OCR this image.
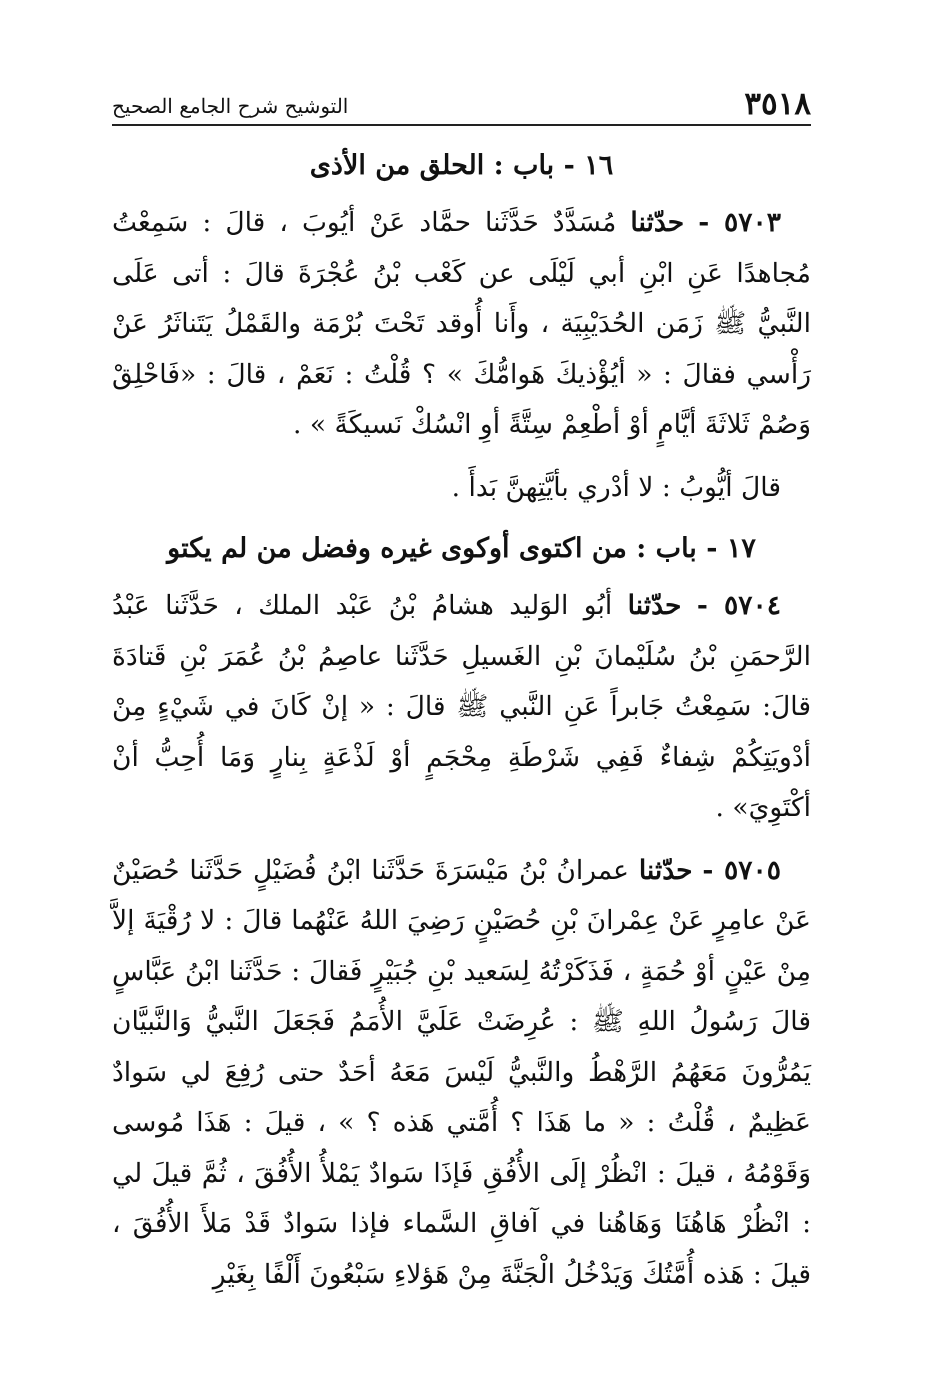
٣٥١٨
التوشيح شرح الجامع الصحيح
١٦ - باب : الحلق من الأذى

٥٧٠٣ - حدّثنا مُسَدَّدٌ حَدَّثَنا حمَّاد عَنْ أيُوبَ ، قالَ : سَمِعْتُ مُجاهدًا عَنِ ابْنِ أبي لَيْلَى عن كَعْب بْنُ عُجْرَةَ قالَ : أتى عَلَى النَّبيُّ ﷺ زَمَن الحُدَيْبِيَة ، وأَنا أُوقد تَحْتَ بُرْمَة والقَمْلُ يَتَناثَرُ عَنْ رَأْسي فقالَ : « أيُؤْذيكَ هَوامُّكَ » ؟ قُلْتُ : نَعَمْ ، قالَ : «فَاحْلِقْ وَصُمْ ثَلاثَةَ أيَّامٍ أوْ أطْعِمْ سِتَّةً أوِ انْسُكْ نَسيكَةً » .

قالَ أيُّوبُ : لا أدْري بأيَّتِهنَّ بَدأَ .

١٧ - باب : من اكتوى أوكوى غيره وفضل من لم يكتو

٥٧٠٤ - حدّثنا أبُو الوَليد هشامُ بْنُ عَبْد الملك ، حَدَّثَنا عَبْدُ الرَّحمَنِ بْنُ سُلَيْمانَ بْنِ الغَسيلِ حَدَّثَنا عاصِمُ بْنُ عُمَرَ بْنِ قَتادَةَ قالَ: سَمِعْتُ جَابراً عَنِ النَّبي ﷺ قالَ : « إنْ كَانَ في شَيْءٍ مِنْ أدْويَتِكُمْ شِفاءٌ فَفِي شَرْطَةِ مِحْجَمٍ أوْ لَذْعَةٍ بِنارٍ وَمَا أُحِبُّ أنْ أكْتَوِيَ» .

٥٧٠٥ - حدّثنا عمرانُ بْنُ مَيْسَرَةَ حَدَّثَنا ابْنُ فُضَيْلٍ حَدَّثَنا حُصَيْنٌ عَنْ عامِرٍ عَنْ عِمْرانَ بْنِ حُصَيْنٍ رَضِيَ اللهُ عَنْهُما قالَ : لا رُقْيَةَ إلاَّ مِنْ عَيْنٍ أوْ حُمَةٍ ، فَذَكَرْتُهُ لِسَعيد بْنِ جُبَيْرٍ فَقالَ : حَدَّثَنا ابْنُ عَبَّاسٍ قالَ رَسُولُ اللهِ ﷺ : عُرِضَتْ عَلَيَّ الأُمَمُ فَجَعَلَ النَّبيُّ وَالنَّبيَّان يَمُرُّونَ مَعَهُمُ الرَّهْطُ والنَّبيُّ لَيْسَ مَعَهُ أحَدٌ حتى رُفِعَ لي سَوادٌ عَظِيمٌ ، قُلْتُ : « ما هَذَا ؟ أُمَّتي هَذه ؟ » ، قيلَ : هَذَا مُوسى وَقَوْمُهُ ، قيلَ : انْظُرْ إلَى الأُفُقِ فَإذَا سَوادٌ يَمْلأُ الأُفُقَ ، ثُمَّ قيلَ لي : انْظُرْ هَاهُنَا وَهَاهُنا في آفاقِ السَّماء فإذا سَوادٌ قَدْ مَلأَ الأُفُقَ ، قيلَ : هَذه أُمَّتُكَ وَيَدْخُلُ الْجَنَّةَ مِنْ هَؤلاءِ سَبْعُونَ أَلْفًا بِغَيْرِ
